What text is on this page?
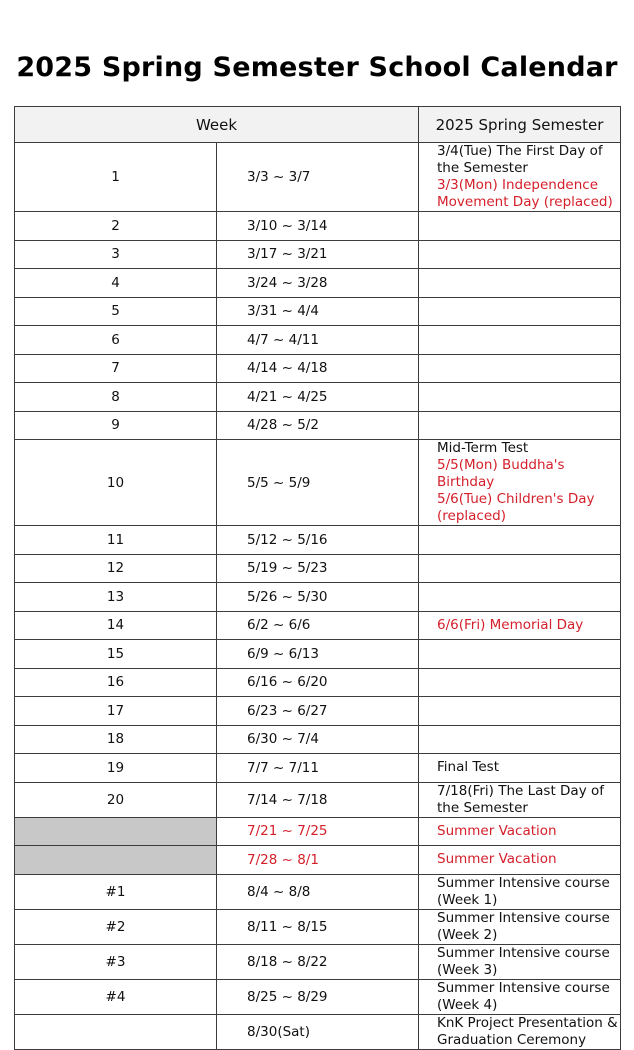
2025 Spring Semester School Calendar
Week		2025 Spring Semester
1	3/3 ~ 3/7	3/4(Tue) The First Day of the Semester
3/3(Mon) Independence Movement Day (replaced)

2	3/10 ~ 3/14	
3	3/17 ~ 3/21	
4	3/24 ~ 3/28	
5	3/31 ~ 4/4	
6	4/7 ~ 4/11	
7	4/14 ~ 4/18	
8	4/21 ~ 4/25	
9	4/28 ~ 5/2	
10	5/5 ~ 5/9	Mid-Term Test
5/5(Mon) Buddha's Birthday
5/6(Tue) Children's Day (replaced)

11	5/12 ~ 5/16	
12	5/19 ~ 5/23	
13	5/26 ~ 5/30	
14	6/2 ~ 6/6	6/6(Fri) Memorial Day

15	6/9 ~ 6/13	
16	6/16 ~ 6/20	
17	6/23 ~ 6/27	
18	6/30 ~ 7/4	
19	7/7 ~ 7/11	Final Test

20	7/14 ~ 7/18	7/18(Fri) The Last Day of the Semester

	7/21 ~ 7/25	Summer Vacation

	7/28 ~ 8/1	Summer Vacation

#1	8/4 ~ 8/8	Summer Intensive course (Week 1)

#2	8/11 ~ 8/15	Summer Intensive course (Week 2)

#3	8/18 ~ 8/22	Summer Intensive course (Week 3)

#4	8/25 ~ 8/29	Summer Intensive course (Week 4)

	8/30(Sat)	KnK Project Presentation & Graduation Ceremony
